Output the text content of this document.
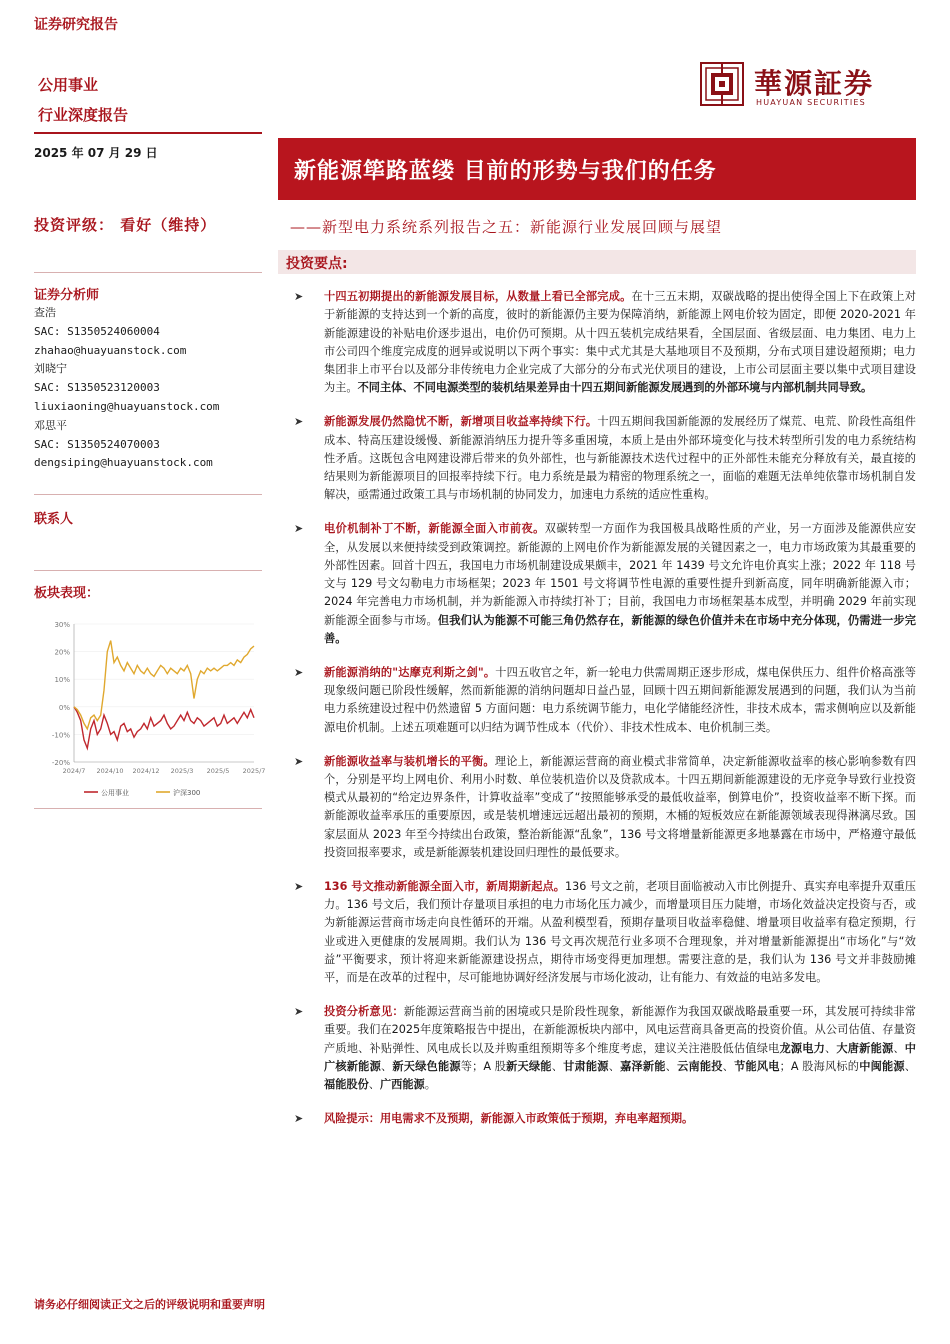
证券研究报告
公用事业
行业深度报告
華源証券
HUAYUAN SECURITIES
2025 年 07 月 29 日
新能源筚路蓝缕 目前的形势与我们的任务
——新型电力系统系列报告之五：新能源行业发展回顾与展望
投资评级： 看好（维持）
投资要点:
证券分析师
查浩
SAC: S1350524060004
zhahao@huayuanstock.com
刘晓宁
SAC: S1350523120003
liuxiaoning@huayuanstock.com
邓思平
SAC: S1350524070003
dengsiping@huayuanstock.com
联系人
板块表现：
30%
20%
10%
0%
-10%
-20%
2024/7 2024/10 2024/12 2025/3 2025/5 2025/7
公用事业	沪深300
➤ 十四五初期提出的新能源发展目标，从数量上看已全部完成。在十三五末期，双碳战略的提出使得全国上下在政策上对于新能源的支持达到一个新的高度，彼时的新能源仍主要为保障消纳，新能源上网电价较为固定，即便 2020-2021 年新能源建设的补贴电价逐步退出，电价仍可预期。从十四五装机完成结果看，全国层面、省级层面、电力集团、电力上市公司四个维度完成度的迥异或说明以下两个事实：集中式尤其是大基地项目不及预期，分布式项目建设超预期；电力集团非上市平台以及部分非传统电力企业完成了大部分的分布式光伏项目的建设，上市公司层面主要以集中式项目建设为主。不同主体、不同电源类型的装机结果差异由十四五期间新能源发展遇到的外部环境与内部机制共同导致。
➤ 新能源发展仍然隐忧不断，新增项目收益率持续下行。十四五期间我国新能源的发展经历了煤荒、电荒、阶段性高组件成本、特高压建设缓慢、新能源消纳压力提升等多重困境，本质上是由外部环境变化与技术转型所引发的电力系统结构性矛盾。这既包含电网建设滞后带来的负外部性，也与新能源技术迭代过程中的正外部性未能充分释放有关，最直接的结果则为新能源项目的回报率持续下行。电力系统是最为精密的物理系统之一，面临的难题无法单纯依靠市场机制自发解决，亟需通过政策工具与市场机制的协同发力，加速电力系统的适应性重构。
➤ 电价机制补丁不断，新能源全面入市前夜。双碳转型一方面作为我国极具战略性质的产业，另一方面涉及能源供应安全，从发展以来便持续受到政策调控。新能源的上网电价作为新能源发展的关键因素之一，电力市场政策为其最重要的外部性因素。回首十四五，我国电力市场机制建设成果颇丰，2021 年 1439 号文允许电价真实上涨；2022 年 118 号文与 129 号文勾勒电力市场框架；2023 年 1501 号文将调节性电源的重要性提升到新高度，同年明确新能源入市；2024 年完善电力市场机制，并为新能源入市持续打补丁；目前，我国电力市场框架基本成型，并明确 2029 年前实现新能源全面参与市场。但我们认为能源不可能三角仍然存在，新能源的绿色价值并未在市场中充分体现，仍需进一步完善。
➤ 新能源消纳的"达摩克利斯之剑"。十四五收官之年，新一轮电力供需周期正逐步形成，煤电保供压力、组件价格高涨等现象级问题已阶段性缓解，然而新能源的消纳问题却日益凸显，回顾十四五期间新能源发展遇到的问题，我们认为当前电力系统建设过程中仍然遗留 5 方面问题：电力系统调节能力，电化学储能经济性，非技术成本，需求侧响应以及新能源电价机制。上述五项难题可以归结为调节性成本（代价）、非技术性成本、电价机制三类。
➤ 新能源收益率与装机增长的平衡。理论上，新能源运营商的商业模式非常简单，决定新能源收益率的核心影响参数有四个，分别是平均上网电价、利用小时数、单位装机造价以及贷款成本。十四五期间新能源建设的无序竞争导致行业投资模式从最初的“给定边界条件，计算收益率”变成了“按照能够承受的最低收益率，倒算电价”，投资收益率不断下探。而新能源收益率承压的重要原因，或是装机增速远远超出最初的预期，木桶的短板效应在新能源领域表现得淋漓尽致。国家层面从 2023 年至今持续出台政策，整治新能源“乱象”，136 号文将增量新能源更多地暴露在市场中，严格遵守最低投资回报率要求，或是新能源装机建设回归理性的最低要求。
➤ 136 号文推动新能源全面入市，新周期新起点。136 号文之前，老项目面临被动入市比例提升、真实弃电率提升双重压力。136 号文后，我们预计存量项目承担的电力市场化压力减少，而增量项目压力陡增，市场化效益决定投资与否，或为新能源运营商市场走向良性循环的开端。从盈利模型看，预期存量项目收益率稳健、增量项目收益率有稳定预期，行业或进入更健康的发展周期。我们认为 136 号文再次规范行业多项不合理现象，并对增量新能源提出“市场化”与“效益”平衡要求，预计将迎来新能源建设拐点，期待市场变得更加理想。需要注意的是，我们认为 136 号文并非鼓励摊平，而是在改革的过程中，尽可能地协调好经济发展与市场化波动，让有能力、有效益的电站多发电。
➤ 投资分析意见：新能源运营商当前的困境或只是阶段性现象，新能源作为我国双碳战略最重要一环，其发展可持续非常重要。我们在2025年度策略报告中提出，在新能源板块内部中，风电运营商具备更高的投资价值。从公司估值、存量资产质地、补贴弹性、风电成长以及并购重组预期等多个维度考虑，建议关注港股低估值绿电龙源电力、大唐新能源、中广核新能源、新天绿色能源等；A 股新天绿能、甘肃能源、嘉泽新能、云南能投、节能风电；A 股海风标的中闽能源、福能股份、广西能源。
➤ 风险提示：用电需求不及预期，新能源入市政策低于预期，弃电率超预期。
请务必仔细阅读正文之后的评级说明和重要声明
